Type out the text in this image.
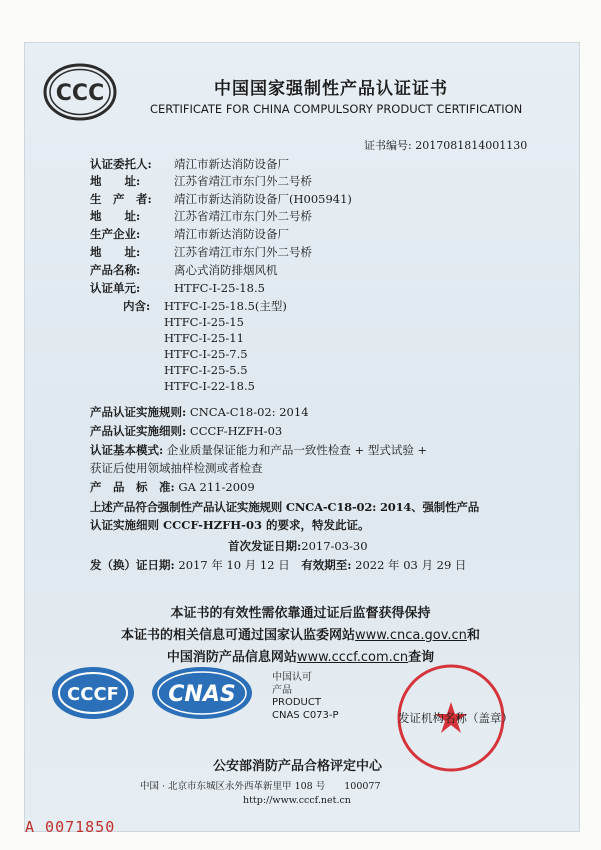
CCC	中国国家强制性产品认证证书
CERTIFICATE FOR CHINA COMPULSORY PRODUCT CERTIFICATION
证书编号: 2017081814001130
认证委托人: 靖江市新达消防设备厂
地　　址:	江苏省靖江市东门外二号桥
生　产　者: 靖江市新达消防设备厂(H005941)
地　　址:	江苏省靖江市东门外二号桥
生产企业:	靖江市新达消防设备厂
地　　址:	江苏省靖江市东门外二号桥
产品名称:	离心式消防排烟风机
认证单元:	HTFC-I-25-18.5
内含: HTFC-I-25-18.5(主型)
HTFC-I-25-15
HTFC-I-25-11
HTFC-I-25-7.5
HTFC-I-25-5.5
HTFC-I-22-18.5
产品认证实施规则: CNCA-C18-02: 2014
产品认证实施细则: CCCF-HZFH-03
认证基本模式: 企业质量保证能力和产品一致性检查 + 型式试验 +
获证后使用领域抽样检测或者检查
产　品　标　准: GA 211-2009
上述产品符合强制性产品认证实施规则 CNCA-C18-02: 2014、强制性产品
认证实施细则 CCCF-HZFH-03 的要求，特发此证。
首次发证日期:2017-03-30
发（换）证日期: 2017 年 10 月 12 日　 有效期至: 2022 年 03 月 29 日
本证书的有效性需依靠通过证后监督获得保持
本证书的相关信息可通过国家认监委网站www.cnca.gov.cn和
中国消防产品信息网站www.cccf.com.cn查询
CCCF CNAS
中国认可
产品
PRODUCT
CNAS C073-P	发证机构名称（盖章）
公安部消防产品合格评定中心
中国 · 北京市东城区永外西革新里甲 108 号　　100077
http://www.cccf.net.cn
A 0071850
